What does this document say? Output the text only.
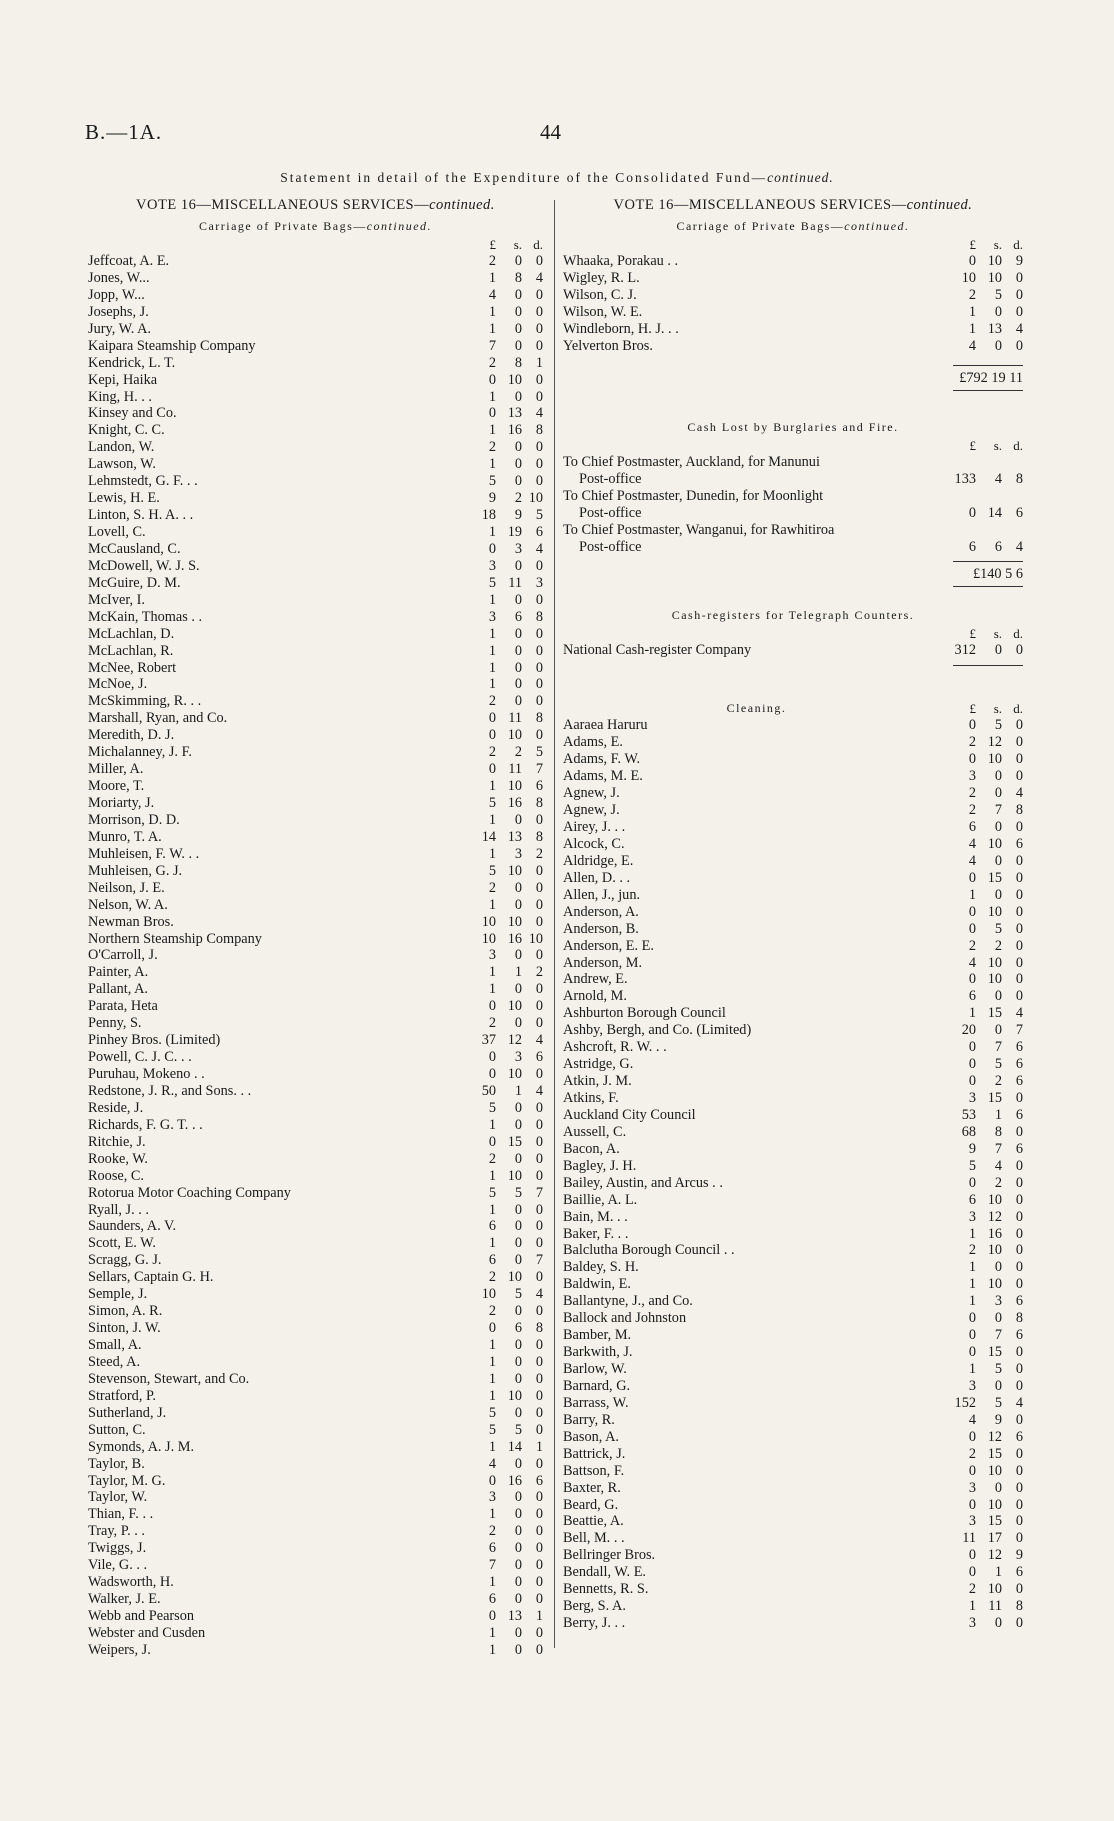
B.—1A.	44
Statement in detail of the Expenditure of the Consolidated Fund—continued.
VOTE 16—MISCELLANEOUS SERVICES—continued.
Carriage of Private Bags—continued.
£	s. d.
Jeffcoat, A. E.	2	0 0
Jones, W...	1	8 4
Jopp, W...	4	0 0
Josephs, J.	1	0 0
Jury, W. A.	1	0 0
Kaipara Steamship Company	7	0 0
Kendrick, L. T.	2	8 1
Kepi, Haika	0 10 0
King, H. . .	1	0 0
Kinsey and Co.	0 13 4
Knight, C. C.	1 16 8
Landon, W.	2	0 0
Lawson, W.	1	0 0
Lehmstedt, G. F. . .	5	0 0
Lewis, H. E.	9	2 10
Linton, S. H. A. . .	18	9 5
Lovell, C.	1 19 6
McCausland, C.	0	3 4
McDowell, W. J. S.	3	0 0
McGuire, D. M.	5 11 3
McIver, I.	1	0 0
McKain, Thomas . .	3	6 8
McLachlan, D.	1	0 0
McLachlan, R.	1	0 0
McNee, Robert	1	0 0
McNoe, J.	1	0 0
McSkimming, R. . .	2	0 0
Marshall, Ryan, and Co.	0 11 8
Meredith, D. J.	0 10 0
Michalanney, J. F.	2	2 5
Miller, A.	0 11 7
Moore, T.	1 10 6
Moriarty, J.	5 16 8
Morrison, D. D.	1	0 0
Munro, T. A.	14 13 8
Muhleisen, F. W. . .	1	3 2
Muhleisen, G. J.	5 10 0
Neilson, J. E.	2	0 0
Nelson, W. A.	1	0 0
Newman Bros.	10 10 0
Northern Steamship Company	10 16 10
O'Carroll, J.	3	0 0
Painter, A.	1	1 2
Pallant, A.	1	0 0
Parata, Heta	0 10 0
Penny, S.	2	0 0
Pinhey Bros. (Limited)	37 12 4
Powell, C. J. C. . .	0	3 6
Puruhau, Mokeno . .	0 10 0
Redstone, J. R., and Sons. . .	50	1 4
Reside, J.	5	0 0
Richards, F. G. T. . .	1	0 0
Ritchie, J.	0 15 0
Rooke, W.	2	0 0
Roose, C.	1 10 0
Rotorua Motor Coaching Company	5	5 7
Ryall, J. . .	1	0 0
Saunders, A. V.	6	0 0
Scott, E. W.	1	0 0
Scragg, G. J.	6	0 7
Sellars, Captain G. H.	2 10 0
Semple, J.	10	5 4
Simon, A. R.	2	0 0
Sinton, J. W.	0	6 8
Small, A.	1	0 0
Steed, A.	1	0 0
Stevenson, Stewart, and Co.	1	0 0
Stratford, P.	1 10 0
Sutherland, J.	5	0 0
Sutton, C.	5	5 0
Symonds, A. J. M.	1 14 1
Taylor, B.	4	0 0
Taylor, M. G.	0 16 6
Taylor, W.	3	0 0
Thian, F. . .	1	0 0
Tray, P. . .	2	0 0
Twiggs, J.	6	0 0
Vile, G. . .	7	0 0
Wadsworth, H.	1	0 0
Walker, J. E.	6	0 0
Webb and Pearson	0 13 1
Webster and Cusden	1	0 0
Weipers, J.	1	0 0
VOTE 16—MISCELLANEOUS SERVICES—continued.
Carriage of Private Bags—continued.
£	s. d.
Whaaka, Porakau . .	0 10 9
Wigley, R. L.	10 10 0
Wilson, C. J.	2	5 0
Wilson, W. E.	1	0 0
Windleborn, H. J. . .	1 13 4
Yelverton Bros.	4	0 0
£792 19 11
Cash Lost by Burglaries and Fire.
£	s. d.
To Chief Postmaster, Auckland, for Manunui
Post-office	133	4 8
To Chief Postmaster, Dunedin, for Moonlight
Post-office	0 14 6
To Chief Postmaster, Wanganui, for Rawhitiroa
Post-office	6	6 4
£140 5 6
Cash-registers for Telegraph Counters.
£	s. d.
National Cash-register Company	312	0 0
Cleaning.	£	s. d.
Aaraea Haruru	0	5 0
Adams, E.	2 12 0
Adams, F. W.	0 10 0
Adams, M. E.	3	0 0
Agnew, J.	2	0 4
Agnew, J.	2	7 8
Airey, J. . .	6	0 0
Alcock, C.	4 10 6
Aldridge, E.	4	0 0
Allen, D. . .	0 15 0
Allen, J., jun.	1	0 0
Anderson, A.	0 10 0
Anderson, B.	0	5 0
Anderson, E. E.	2	2 0
Anderson, M.	4 10 0
Andrew, E.	0 10 0
Arnold, M.	6	0 0
Ashburton Borough Council	1 15 4
Ashby, Bergh, and Co. (Limited)	20	0 7
Ashcroft, R. W. . .	0	7 6
Astridge, G.	0	5 6
Atkin, J. M.	0	2 6
Atkins, F.	3 15 0
Auckland City Council	53	1 6
Aussell, C.	68	8 0
Bacon, A.	9	7 6
Bagley, J. H.	5	4 0
Bailey, Austin, and Arcus . .	0	2 0
Baillie, A. L.	6 10 0
Bain, M. . .	3 12 0
Baker, F. . .	1 16 0
Balclutha Borough Council . .	2 10 0
Baldey, S. H.	1	0 0
Baldwin, E.	1 10 0
Ballantyne, J., and Co.	1	3 6
Ballock and Johnston	0	0 8
Bamber, M.	0	7 6
Barkwith, J.	0 15 0
Barlow, W.	1	5 0
Barnard, G.	3	0 0
Barrass, W.	152	5 4
Barry, R.	4	9 0
Bason, A.	0 12 6
Battrick, J.	2 15 0
Battson, F.	0 10 0
Baxter, R.	3	0 0
Beard, G.	0 10 0
Beattie, A.	3 15 0
Bell, M. . .	11 17 0
Bellringer Bros.	0 12 9
Bendall, W. E.	0	1 6
Bennetts, R. S.	2 10 0
Berg, S. A.	1 11 8
Berry, J. . .	3	0 0
